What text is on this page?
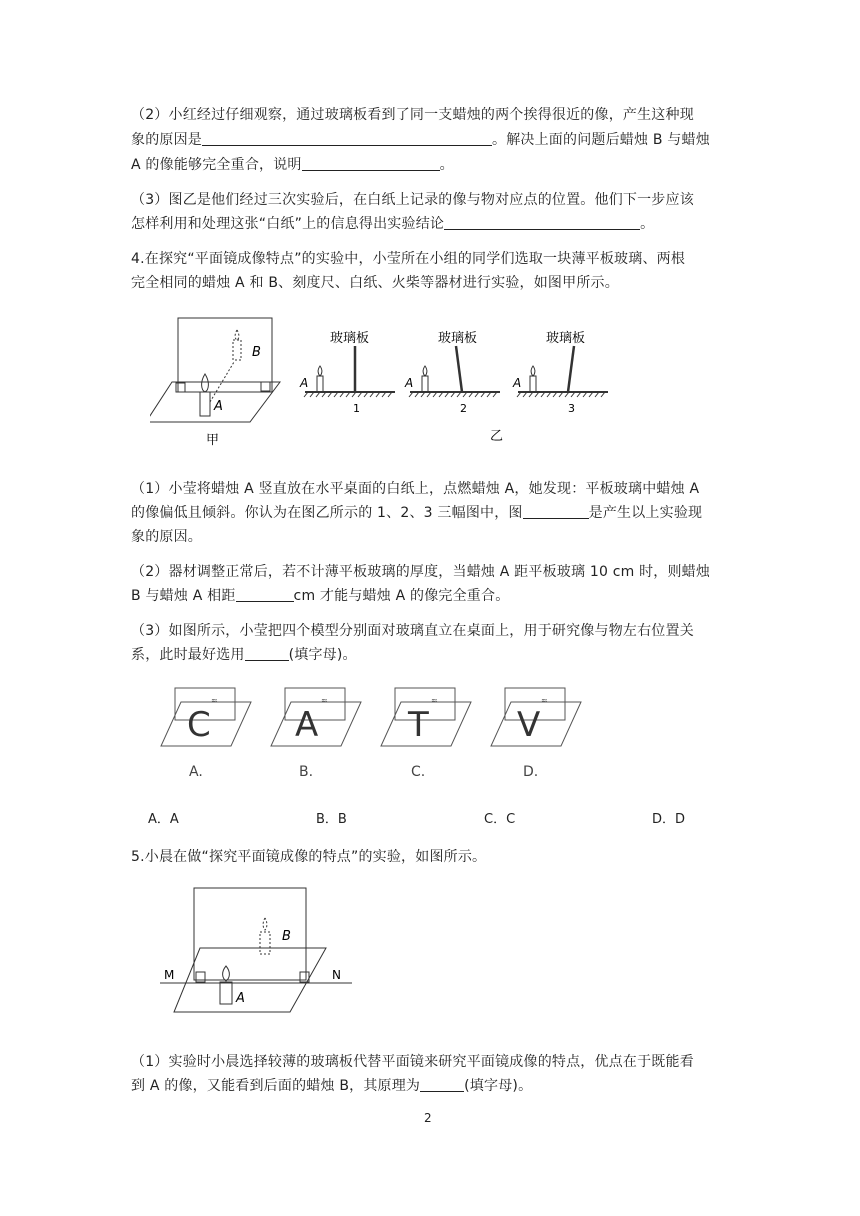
（2）小红经过仔细观察，通过玻璃板看到了同一支蜡烛的两个挨得很近的像，产生这种现
象的原因是	。解决上面的问题后蜡烛 B 与蜡烛
A 的像能够完全重合，说明	。
（3）图乙是他们经过三次实验后，在白纸上记录的像与物对应点的位置。他们下一步应该
怎样利用和处理这张“白纸”上的信息得出实验结论	。
4.在探究“平面镜成像特点”的实验中，小莹所在小组的同学们选取一块薄平板玻璃、两根
完全相同的蜡烛 A 和 B、刻度尺、白纸、火柴等器材进行实验，如图甲所示。
B
A
甲
玻璃板
A
1
玻璃板
A
2
玻璃板
A
3
乙
（1）小莹将蜡烛 A 竖直放在水平桌面的白纸上，点燃蜡烛 A，她发现：平板玻璃中蜡烛 A
的像偏低且倾斜。你认为在图乙所示的 1、2、3 三幅图中，图	是产生以上实验现
象的原因。
（2）器材调整正常后，若不计薄平板玻璃的厚度，当蜡烛 A 距平板玻璃 10 cm 时，则蜡烛
B 与蜡烛 A 相距	cm 才能与蜡烛 A 的像完全重合。
（3）如图所示，小莹把四个模型分别面对玻璃直立在桌面上，用于研究像与物左右位置关
系，此时最好选用	(填字母)。
≈	≈	≈	≈
C A	T	V
A.	B.	C.	D.
A．A	B．B	C．C	D．D
5.小晨在做“探究平面镜成像的特点”的实验，如图所示。
B
A
M	N
（1）实验时小晨选择较薄的玻璃板代替平面镜来研究平面镜成像的特点，优点在于既能看
到 A 的像，又能看到后面的蜡烛 B，其原理为	(填字母)。
2
